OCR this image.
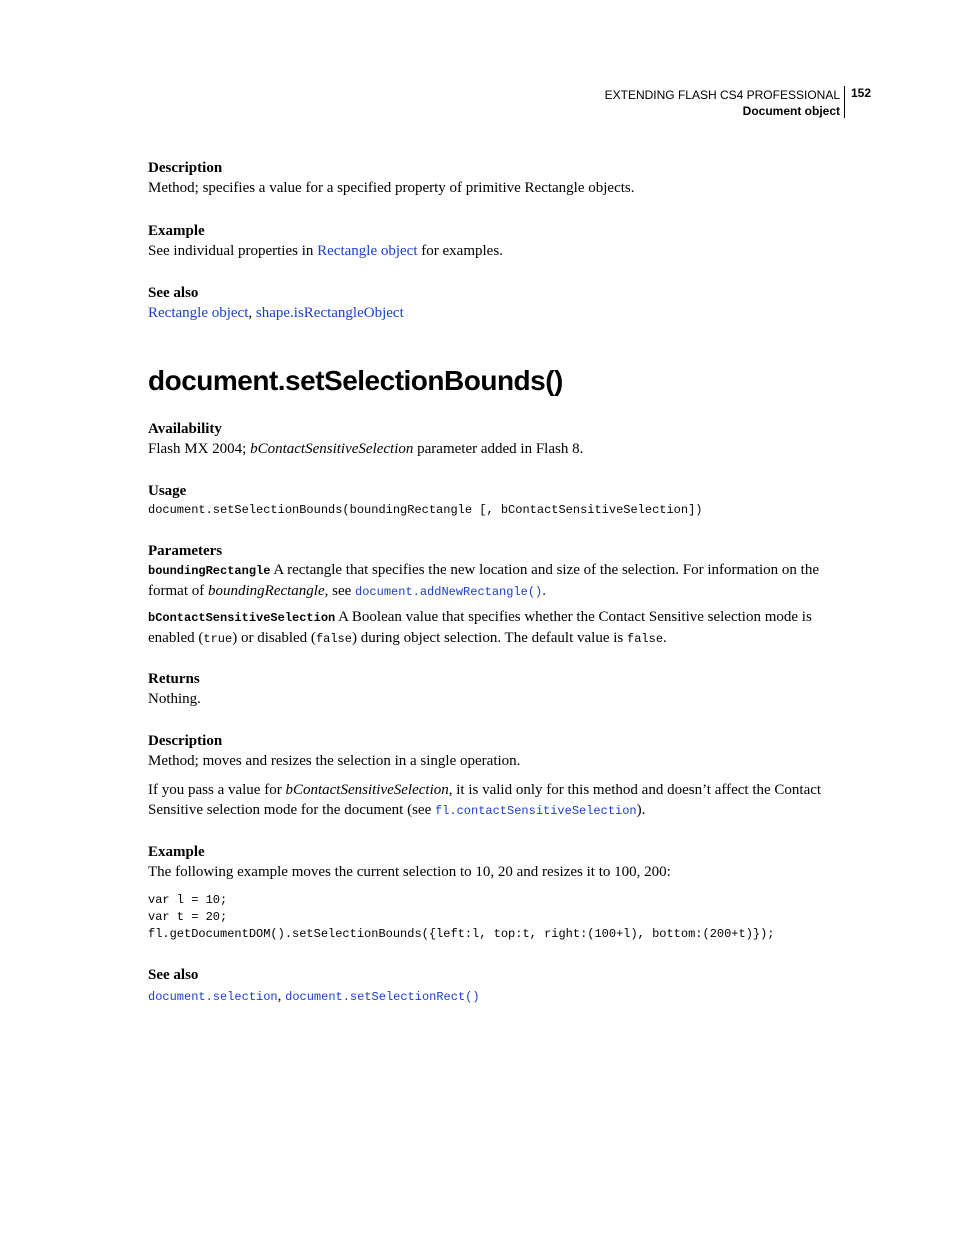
EXTENDING FLASH CS4 PROFESSIONAL
Document object
152
Description
Method; specifies a value for a specified property of primitive Rectangle objects.
Example
See individual properties in Rectangle object for examples.
See also
Rectangle object, shape.isRectangleObject
document.setSelectionBounds()
Availability
Flash MX 2004; bContactSensitiveSelection parameter added in Flash 8.
Usage
document.setSelectionBounds(boundingRectangle [, bContactSensitiveSelection])
Parameters
boundingRectangle A rectangle that specifies the new location and size of the selection. For information on the format of boundingRectangle, see document.addNewRectangle().
bContactSensitiveSelection A Boolean value that specifies whether the Contact Sensitive selection mode is enabled (true) or disabled (false) during object selection. The default value is false.
Returns
Nothing.
Description
Method; moves and resizes the selection in a single operation.
If you pass a value for bContactSensitiveSelection, it is valid only for this method and doesn’t affect the Contact Sensitive selection mode for the document (see fl.contactSensitiveSelection).
Example
The following example moves the current selection to 10, 20 and resizes it to 100, 200:
var l = 10;
var t = 20;
fl.getDocumentDOM().setSelectionBounds({left:l, top:t, right:(100+l), bottom:(200+t)});
See also
document.selection, document.setSelectionRect()
